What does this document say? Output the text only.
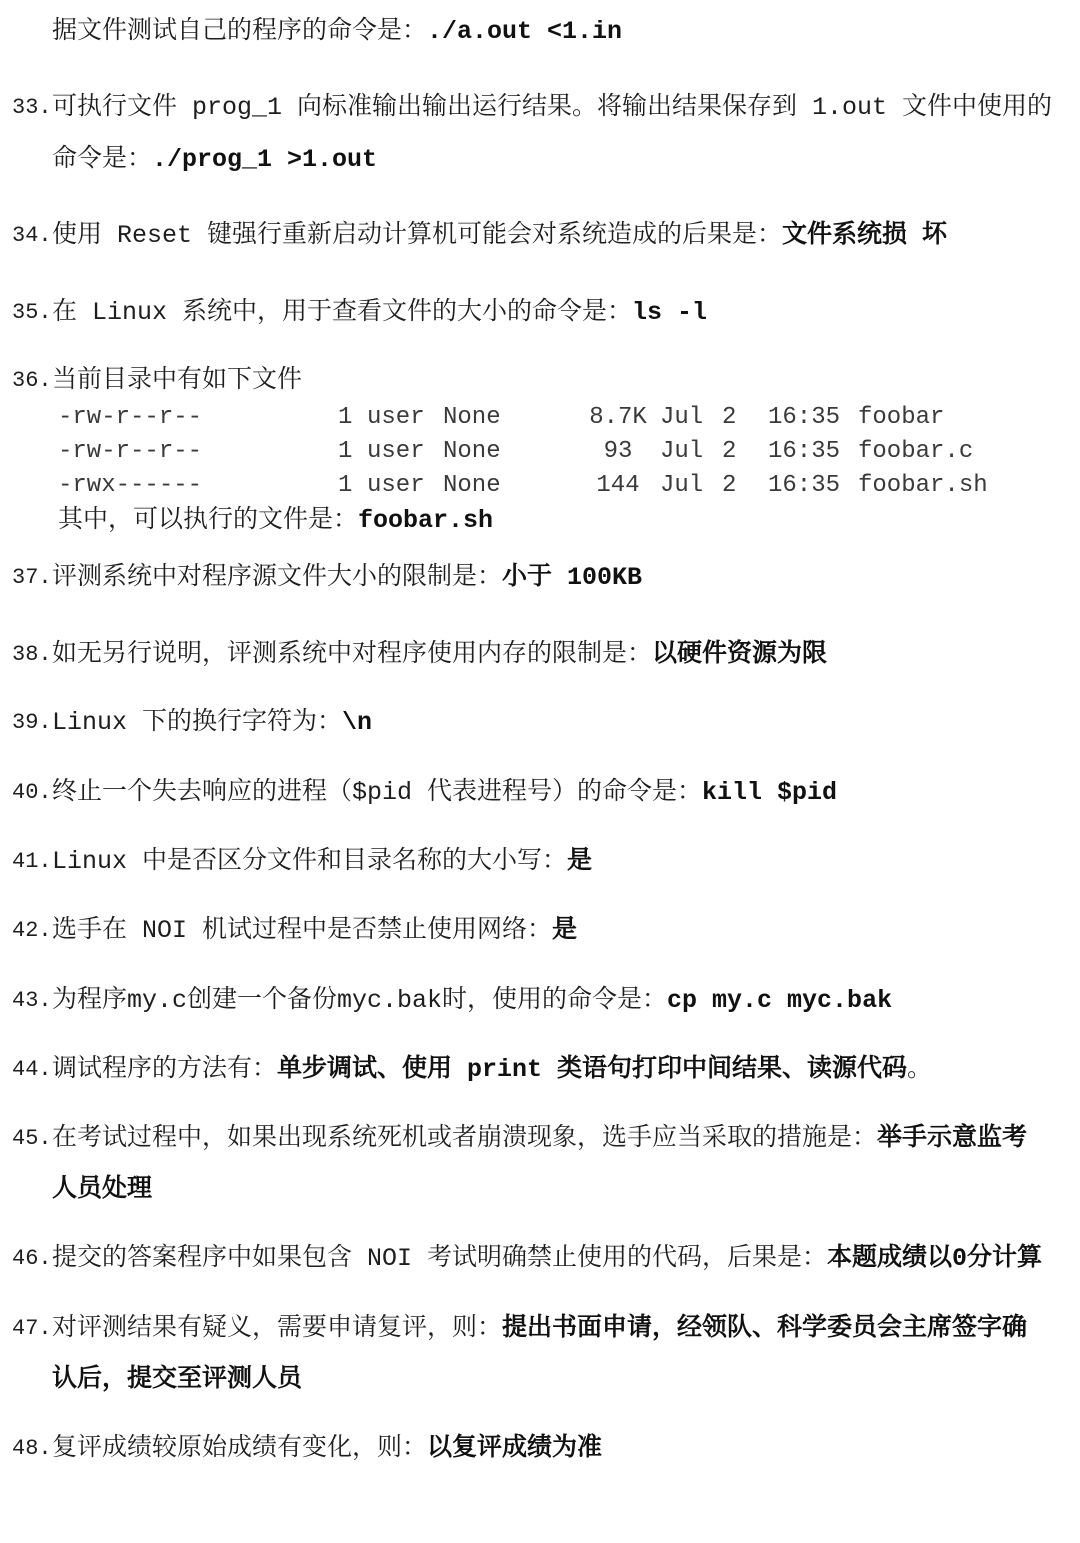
据文件测试自己的程序的命令是：./a.out <1.in
33. 可执行文件 prog_1 向标准输出输出运行结果。将输出结果保存到 1.out 文件中使用的
命令是：./prog_1 >1.out
34. 使用 Reset 键强行重新启动计算机可能会对系统造成的后果是：文件系统损 坏
35. 在 Linux 系统中，用于查看文件的大小的命令是：ls -l
36. 当前目录中有如下文件
-rw-r--r--	1 user None	8.7K Jul 2 16:35 foobar
-rw-r--r--	1 user None	93	Jul 2 16:35 foobar.c
-rwx------	1 user None	144 Jul 2 16:35 foobar.sh
其中，可以执行的文件是：foobar.sh
37. 评测系统中对程序源文件大小的限制是：小于 100KB
38. 如无另行说明，评测系统中对程序使用内存的限制是：以硬件资源为限
39. Linux 下的换行字符为：\n
40. 终止一个失去响应的进程（$pid 代表进程号）的命令是：kill $pid
41. Linux 中是否区分文件和目录名称的大小写：是
42. 选手在 NOI 机试过程中是否禁止使用网络：是
43. 为程序my.c创建一个备份myc.bak时，使用的命令是：cp my.c myc.bak
44. 调试程序的方法有：单步调试、使用 print 类语句打印中间结果、读源代码。
45. 在考试过程中，如果出现系统死机或者崩溃现象，选手应当采取的措施是：举手示意监考
人员处理
46. 提交的答案程序中如果包含 NOI 考试明确禁止使用的代码，后果是：本题成绩以0分计算
47. 对评测结果有疑义，需要申请复评，则：提出书面申请，经领队、科学委员会主席签字确
认后，提交至评测人员
48. 复评成绩较原始成绩有变化，则：以复评成绩为准
